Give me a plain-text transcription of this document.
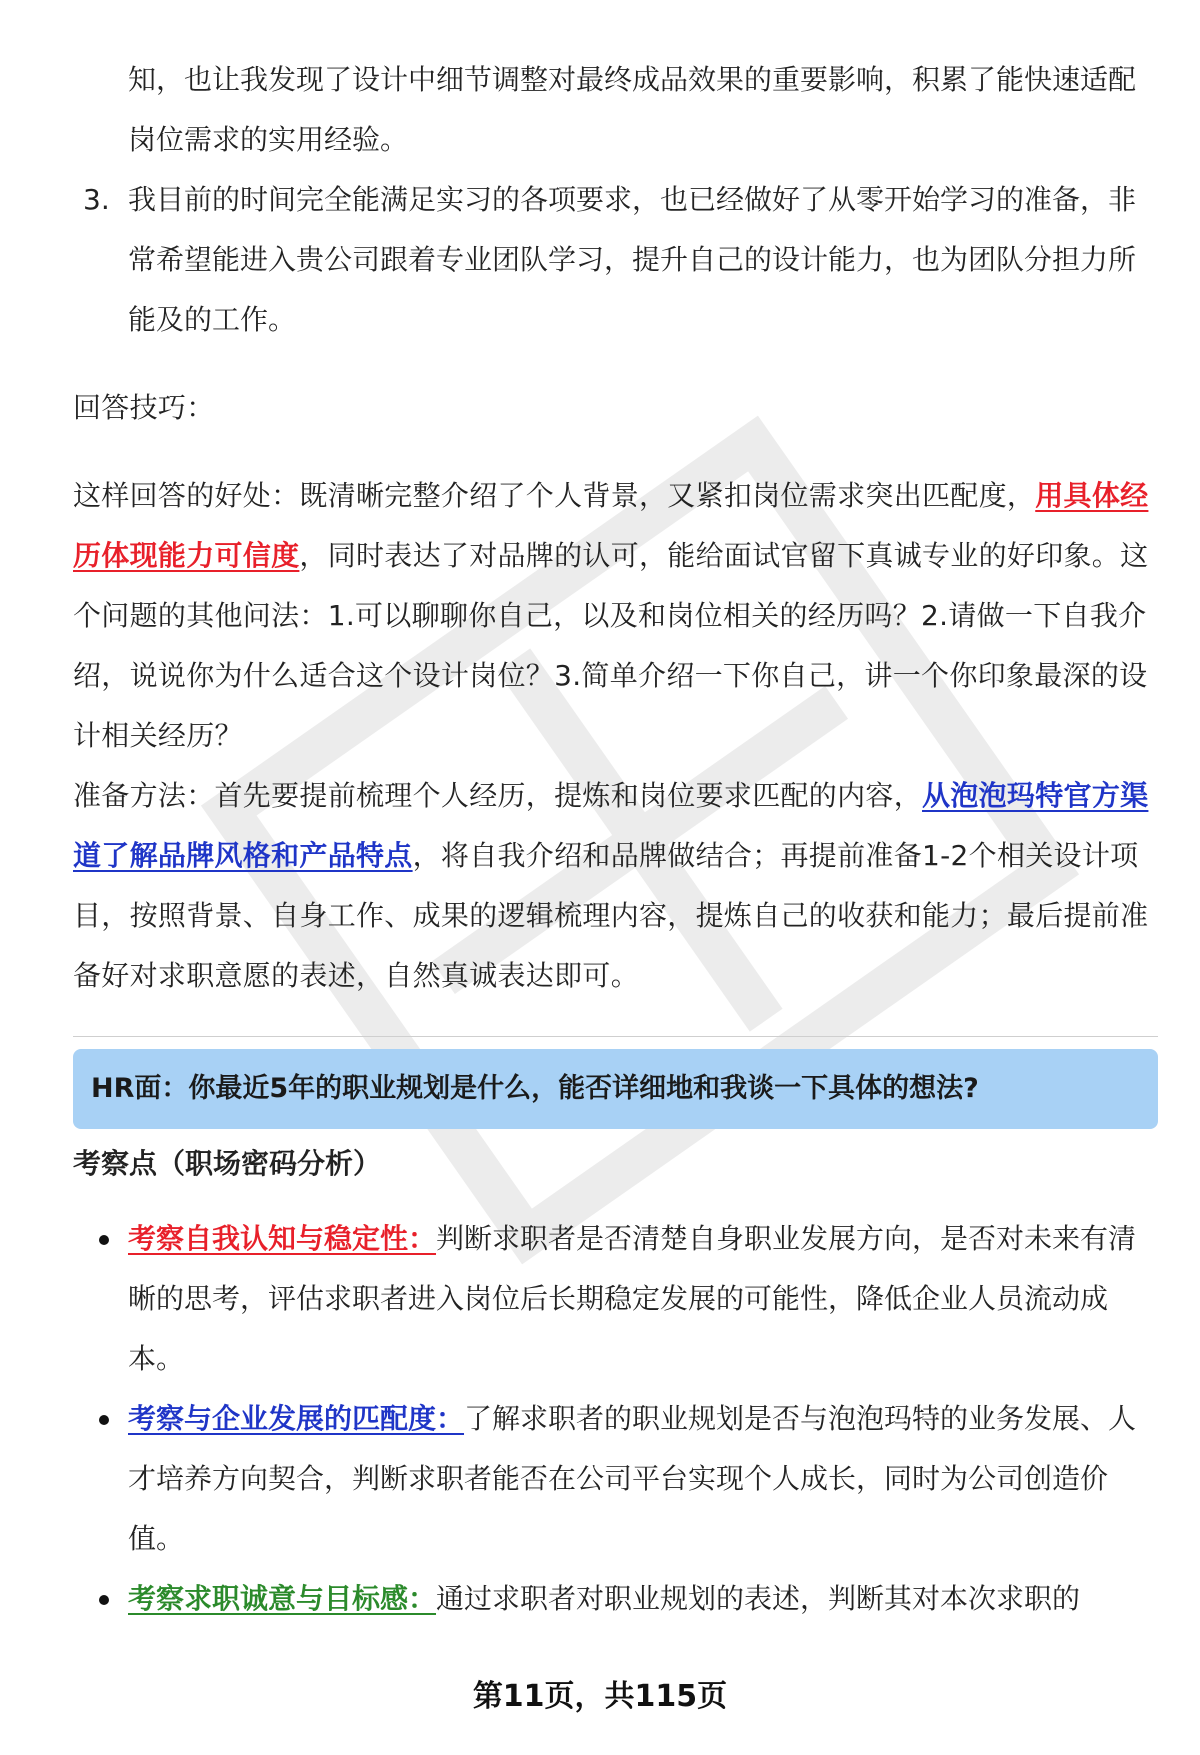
知，也让我发现了设计中细节调整对最终成品效果的重要影响，积累了能快速适配岗位需求的实用经验。
3. 我目前的时间完全能满足实习的各项要求，也已经做好了从零开始学习的准备，非常希望能进入贵公司跟着专业团队学习，提升自己的设计能力，也为团队分担力所能及的工作。

回答技巧：

这样回答的好处：既清晰完整介绍了个人背景，又紧扣岗位需求突出匹配度，用具体经历体现能力可信度，同时表达了对品牌的认可，能给面试官留下真诚专业的好印象。这个问题的其他问法：1.可以聊聊你自己，以及和岗位相关的经历吗？2.请做一下自我介绍，说说你为什么适合这个设计岗位？3.简单介绍一下你自己，讲一个你印象最深的设计相关经历？

准备方法：首先要提前梳理个人经历，提炼和岗位要求匹配的内容，从泡泡玛特官方渠道了解品牌风格和产品特点，将自我介绍和品牌做结合；再提前准备1-2个相关设计项目，按照背景、自身工作、成果的逻辑梳理内容，提炼自己的收获和能力；最后提前准备好对求职意愿的表述，自然真诚表达即可。

HR面：你最近5年的职业规划是什么，能否详细地和我谈一下具体的想法?
考察点（职场密码分析）
考察自我认知与稳定性：判断求职者是否清楚自身职业发展方向，是否对未来有清晰的思考，评估求职者进入岗位后长期稳定发展的可能性，降低企业人员流动成本。
考察与企业发展的匹配度：了解求职者的职业规划是否与泡泡玛特的业务发展、人才培养方向契合，判断求职者能否在公司平台实现个人成长，同时为公司创造价值。
考察求职诚意与目标感：通过求职者对职业规划的表述，判断其对本次求职的
第11页，共115页
